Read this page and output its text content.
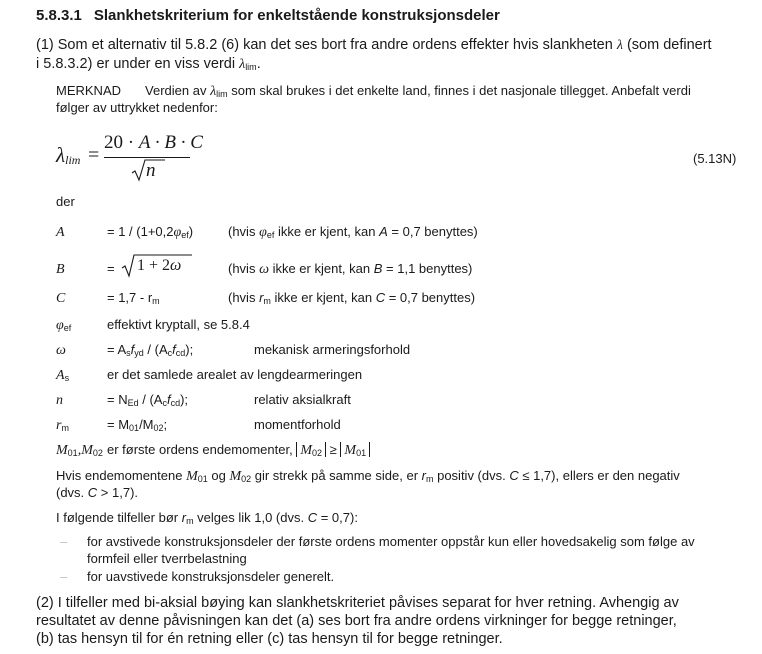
5.8.3.1 Slankhetskriterium for enkeltstående konstruksjonsdeler
(1) Som et alternativ til 5.8.2 (6) kan det ses bort fra andre ordens effekter hvis slankheten λ (som definert
i 5.8.3.2) er under en viss verdi $\lambda_{lim}$.
MERKNAD Verdien av $\lambda_{lim}$ som skal brukes i det enkelte land, finnes i det nasjonale tillegget. Anbefalt verdi
følger av uttrykket nedenfor:
$\lambda_{lim}$ =
20 · A · B · C
n
(5.13N)
der
A	= $1 / (1+0,2\varphi_{ef})$	(hvis $\varphi_{ef}$ ikke er kjent, kan A = 0,7 benyttes)
B	= 1 + 2ω	(hvis ω ikke er kjent, kan B = 1,1 benyttes)
C	= $1,7 - r_m$	(hvis $r_m$ ikke er kjent, kan C = 0,7 benyttes)
$\varphi_{ef}$	effektivt kryptall, se 5.8.4
ω	= $A_sf_{yd} / (A_cf_{cd})$;	mekanisk armeringsforhold
$A_s$	er det samlede arealet av lengdearmeringen
n	= $N_{Ed} / (A_cf_{cd})$;	relativ aksialkraft
$r_m$	= $M_{01}/M_{02}$;	momentforhold
$M_{01},M_{02}$ er første ordens endemomenter, $M_{02} \ge M_{01}$
Hvis endemomentene $M_{01}$ og $M_{02}$ gir strekk på samme side, er $r_m$ positiv (dvs. C ≤ 1,7), ellers er den negativ
(dvs. C > 1,7).
I følgende tilfeller bør $r_m$ velges lik 1,0 (dvs. C = 0,7):
– for avstivede konstruksjonsdeler der første ordens momenter oppstår kun eller hovedsakelig som følge av
formfeil eller tverrbelastning
– for uavstivede konstruksjonsdeler generelt.
(2) I tilfeller med bi-aksial bøying kan slankhetskriteriet påvises separat for hver retning. Avhengig av
resultatet av denne påvisningen kan det (a) ses bort fra andre ordens virkninger for begge retninger,
(b) tas hensyn til for én retning eller (c) tas hensyn til for begge retninger.
